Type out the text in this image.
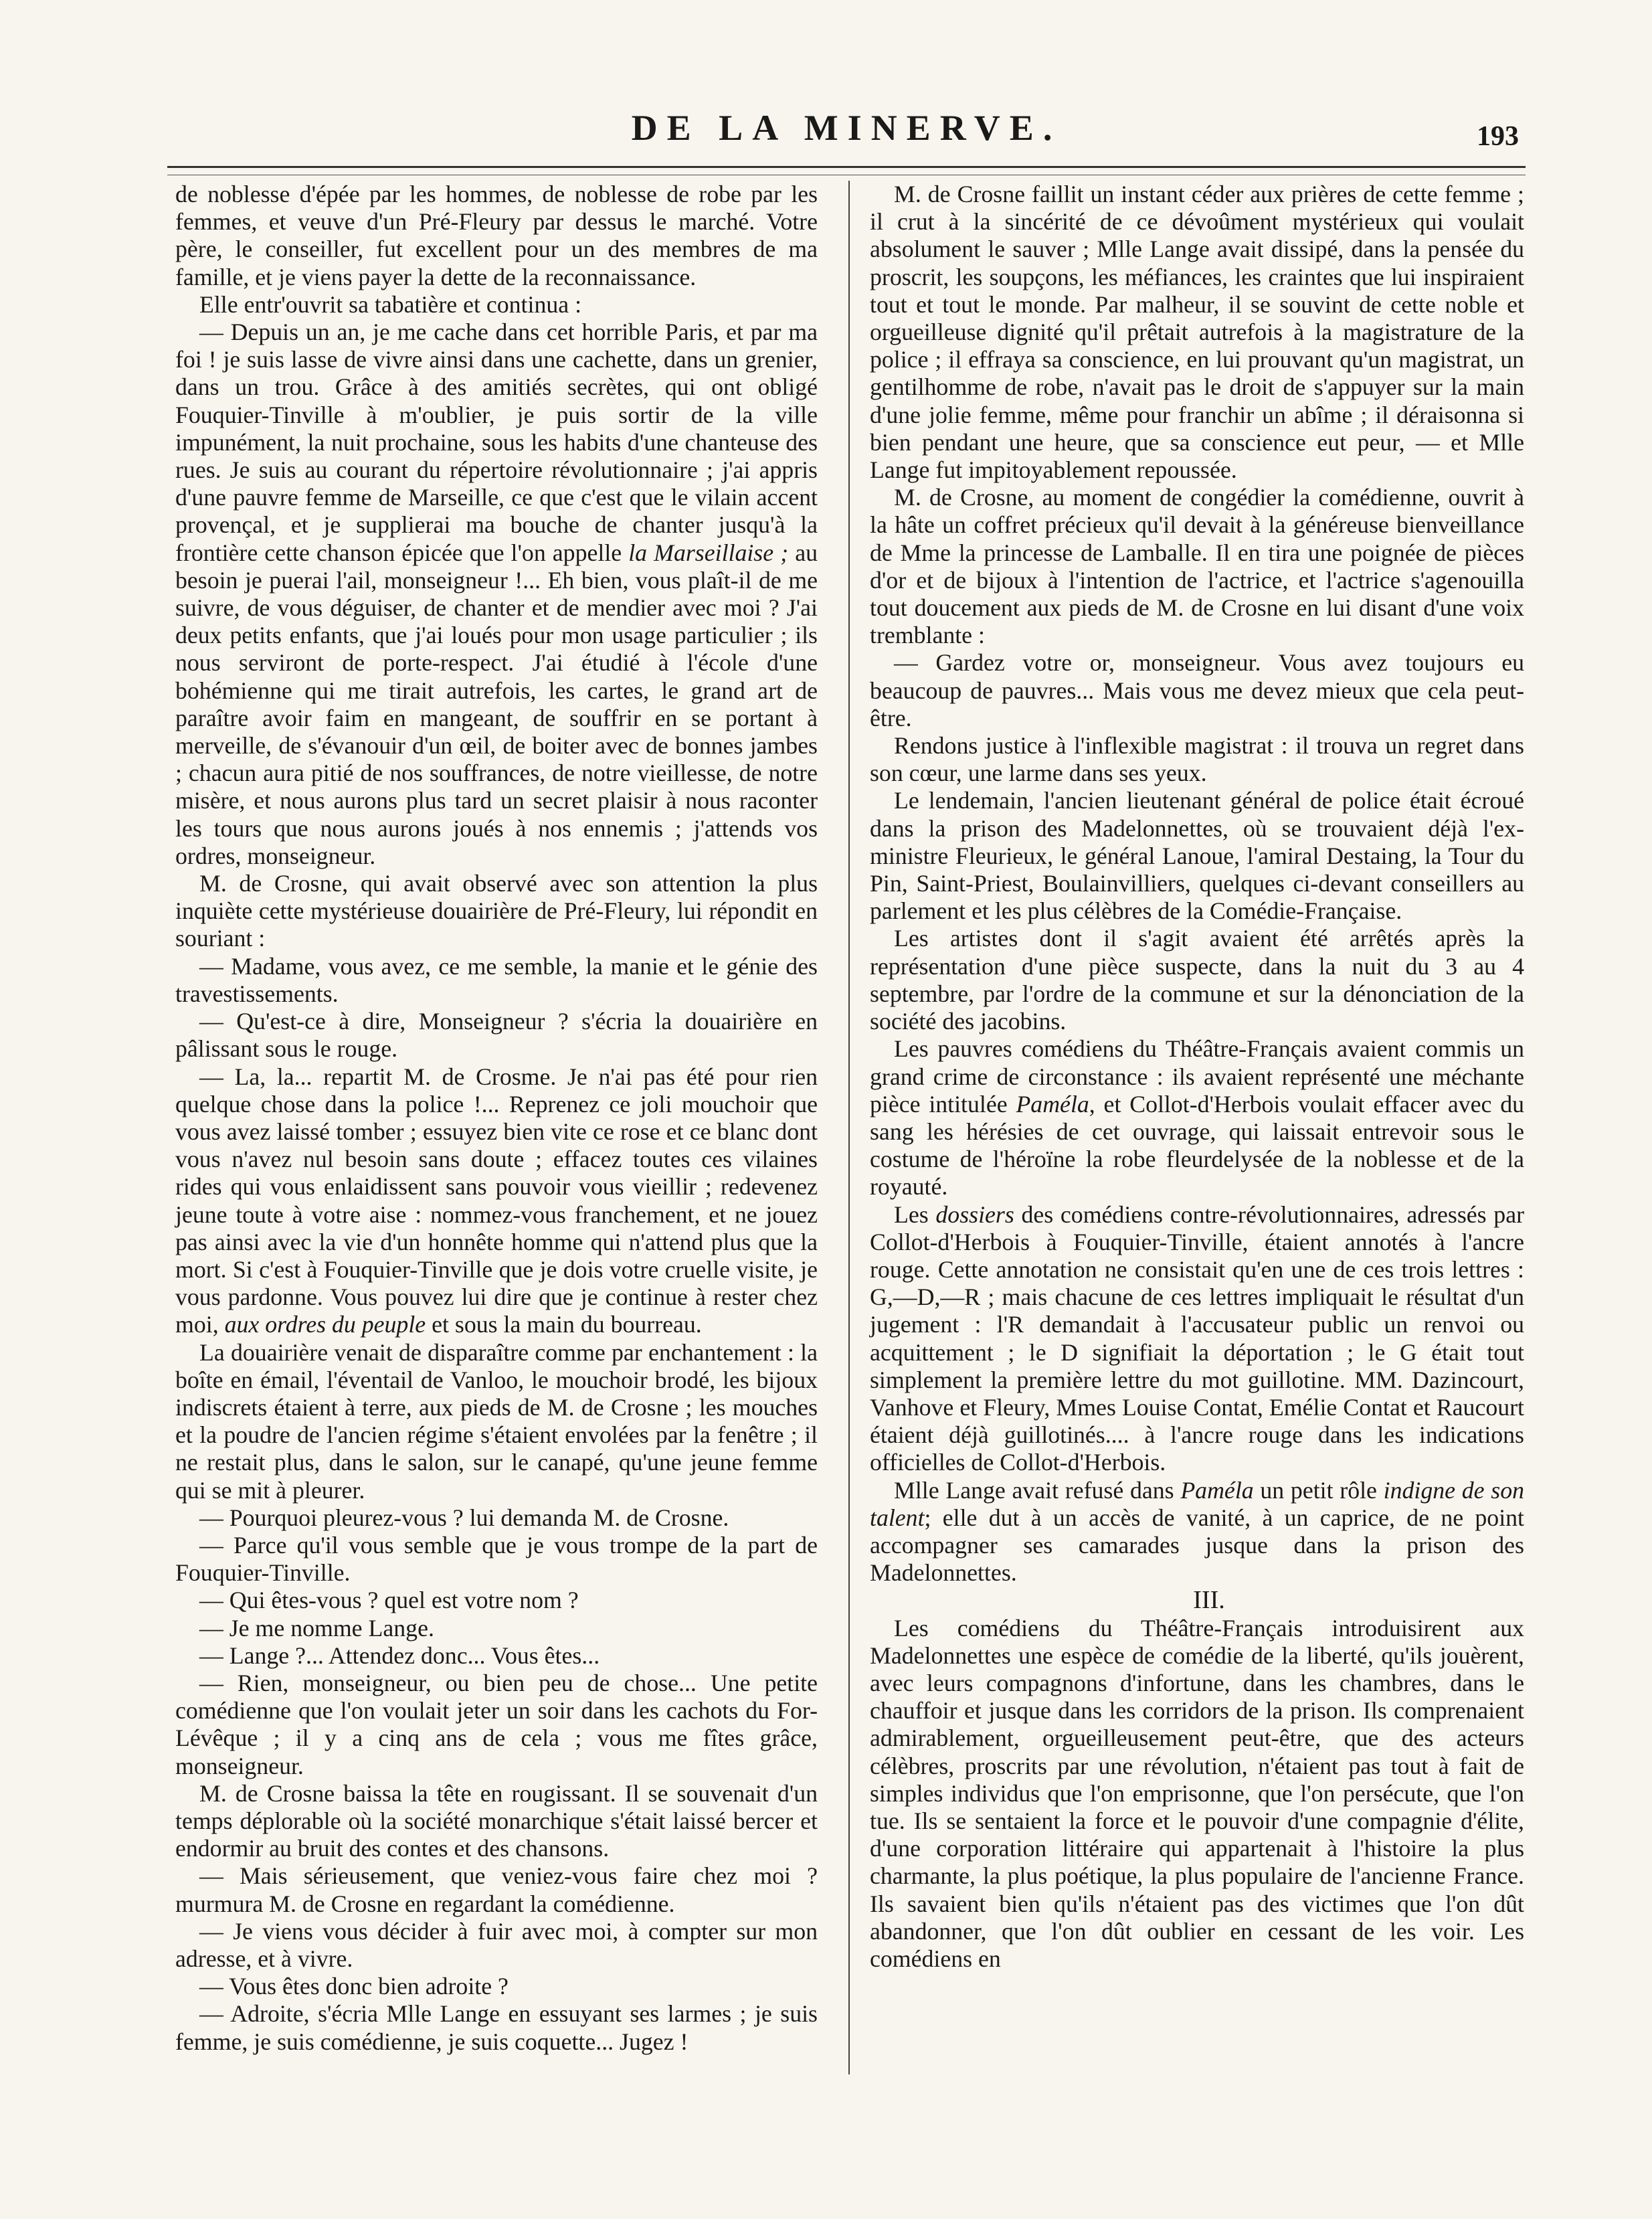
DE LA MINERVE.	193

de noblesse d'épée par les hommes, de noblesse de robe par les femmes, et veuve d'un Pré-Fleury par dessus le marché. Votre père, le conseiller, fut excellent pour un des membres de ma famille, et je viens payer la dette de la reconnaissance.

Elle entr'ouvrit sa tabatière et continua :

— Depuis un an, je me cache dans cet horrible Paris, et par ma foi ! je suis lasse de vivre ainsi dans une cachette, dans un grenier, dans un trou. Grâce à des amitiés secrètes, qui ont obligé Fouquier-Tinville à m'oublier, je puis sortir de la ville impunément, la nuit prochaine, sous les habits d'une chanteuse des rues. Je suis au courant du répertoire révolutionnaire ; j'ai appris d'une pauvre femme de Marseille, ce que c'est que le vilain accent provençal, et je supplierai ma bouche de chanter jusqu'à la frontière cette chanson épicée que l'on appelle la Marseillaise ; au besoin je puerai l'ail, monseigneur !... Eh bien, vous plaît-il de me suivre, de vous déguiser, de chanter et de mendier avec moi ? J'ai deux petits enfants, que j'ai loués pour mon usage particulier ; ils nous serviront de porte-respect. J'ai étudié à l'école d'une bohémienne qui me tirait autrefois, les cartes, le grand art de paraître avoir faim en mangeant, de souffrir en se portant à merveille, de s'évanouir d'un œil, de boiter avec de bonnes jambes ; chacun aura pitié de nos souffrances, de notre vieillesse, de notre misère, et nous aurons plus tard un secret plaisir à nous raconter les tours que nous aurons joués à nos ennemis ; j'attends vos ordres, monseigneur.

M. de Crosne, qui avait observé avec son attention la plus inquiète cette mystérieuse douairière de Pré-Fleury, lui répondit en souriant :

— Madame, vous avez, ce me semble, la manie et le génie des travestissements.

— Qu'est-ce à dire, Monseigneur ? s'écria la douairière en pâlissant sous le rouge.

— La, la... repartit M. de Crosme. Je n'ai pas été pour rien quelque chose dans la police !... Reprenez ce joli mouchoir que vous avez laissé tomber ; essuyez bien vite ce rose et ce blanc dont vous n'avez nul besoin sans doute ; effacez toutes ces vilaines rides qui vous enlaidissent sans pouvoir vous vieillir ; redevenez jeune toute à votre aise : nommez-vous franchement, et ne jouez pas ainsi avec la vie d'un honnête homme qui n'attend plus que la mort. Si c'est à Fouquier-Tinville que je dois votre cruelle visite, je vous pardonne. Vous pouvez lui dire que je continue à rester chez moi, aux ordres du peuple et sous la main du bourreau.

La douairière venait de disparaître comme par enchantement : la boîte en émail, l'éventail de Vanloo, le mouchoir brodé, les bijoux indiscrets étaient à terre, aux pieds de M. de Crosne ; les mouches et la poudre de l'ancien régime s'étaient envolées par la fenêtre ; il ne restait plus, dans le salon, sur le canapé, qu'une jeune femme qui se mit à pleurer.

— Pourquoi pleurez-vous ? lui demanda M. de Crosne.

— Parce qu'il vous semble que je vous trompe de la part de Fouquier-Tinville.

— Qui êtes-vous ? quel est votre nom ?

— Je me nomme Lange.

— Lange ?... Attendez donc... Vous êtes...

— Rien, monseigneur, ou bien peu de chose... Une petite comédienne que l'on voulait jeter un soir dans les cachots du For-Lévêque ; il y a cinq ans de cela ; vous me fîtes grâce, monseigneur.

M. de Crosne baissa la tête en rougissant. Il se souvenait d'un temps déplorable où la société monarchique s'était laissé bercer et endormir au bruit des contes et des chansons.

— Mais sérieusement, que veniez-vous faire chez moi ? murmura M. de Crosne en regardant la comédienne.

— Je viens vous décider à fuir avec moi, à compter sur mon adresse, et à vivre.

— Vous êtes donc bien adroite ?

— Adroite, s'écria Mlle Lange en essuyant ses larmes ; je suis femme, je suis comédienne, je suis coquette... Jugez !

M. de Crosne faillit un instant céder aux prières de cette femme ; il crut à la sincérité de ce dévoûment mystérieux qui voulait absolument le sauver ; Mlle Lange avait dissipé, dans la pensée du proscrit, les soupçons, les méfiances, les craintes que lui inspiraient tout et tout le monde. Par malheur, il se souvint de cette noble et orgueilleuse dignité qu'il prêtait autrefois à la magistrature de la police ; il effraya sa conscience, en lui prouvant qu'un magistrat, un gentilhomme de robe, n'avait pas le droit de s'appuyer sur la main d'une jolie femme, même pour franchir un abîme ; il déraisonna si bien pendant une heure, que sa conscience eut peur, — et Mlle Lange fut impitoyablement repoussée.

M. de Crosne, au moment de congédier la comédienne, ouvrit à la hâte un coffret précieux qu'il devait à la généreuse bienveillance de Mme la princesse de Lamballe. Il en tira une poignée de pièces d'or et de bijoux à l'intention de l'actrice, et l'actrice s'agenouilla tout doucement aux pieds de M. de Crosne en lui disant d'une voix tremblante :

— Gardez votre or, monseigneur. Vous avez toujours eu beaucoup de pauvres... Mais vous me devez mieux que cela peut-être.

Rendons justice à l'inflexible magistrat : il trouva un regret dans son cœur, une larme dans ses yeux.

Le lendemain, l'ancien lieutenant général de police était écroué dans la prison des Madelonnettes, où se trouvaient déjà l'ex-ministre Fleurieux, le général Lanoue, l'amiral Destaing, la Tour du Pin, Saint-Priest, Boulainvilliers, quelques ci-devant conseillers au parlement et les plus célèbres de la Comédie-Française.

Les artistes dont il s'agit avaient été arrêtés après la représentation d'une pièce suspecte, dans la nuit du 3 au 4 septembre, par l'ordre de la commune et sur la dénonciation de la société des jacobins.

Les pauvres comédiens du Théâtre-Français avaient commis un grand crime de circonstance : ils avaient représenté une méchante pièce intitulée Paméla, et Collot-d'Herbois voulait effacer avec du sang les hérésies de cet ouvrage, qui laissait entrevoir sous le costume de l'héroïne la robe fleurdelysée de la noblesse et de la royauté.

Les dossiers des comédiens contre-révolutionnaires, adressés par Collot-d'Herbois à Fouquier-Tinville, étaient annotés à l'ancre rouge. Cette annotation ne consistait qu'en une de ces trois lettres : G,—D,—R ; mais chacune de ces lettres impliquait le résultat d'un jugement : l'R demandait à l'accusateur public un renvoi ou acquittement ; le D signifiait la déportation ; le G était tout simplement la première lettre du mot guillotine. MM. Dazincourt, Vanhove et Fleury, Mmes Louise Contat, Emélie Contat et Raucourt étaient déjà guillotinés.... à l'ancre rouge dans les indications officielles de Collot-d'Herbois.

Mlle Lange avait refusé dans Paméla un petit rôle indigne de son talent; elle dut à un accès de vanité, à un caprice, de ne point accompagner ses camarades jusque dans la prison des Madelonnettes.

III.

Les comédiens du Théâtre-Français introduisirent aux Madelonnettes une espèce de comédie de la liberté, qu'ils jouèrent, avec leurs compagnons d'infortune, dans les chambres, dans le chauffoir et jusque dans les corridors de la prison. Ils comprenaient admirablement, orgueilleusement peut-être, que des acteurs célèbres, proscrits par une révolution, n'étaient pas tout à fait de simples individus que l'on emprisonne, que l'on persécute, que l'on tue. Ils se sentaient la force et le pouvoir d'une compagnie d'élite, d'une corporation littéraire qui appartenait à l'histoire la plus charmante, la plus poétique, la plus populaire de l'ancienne France. Ils savaient bien qu'ils n'étaient pas des victimes que l'on dût abandonner, que l'on dût oublier en cessant de les voir. Les comédiens en
